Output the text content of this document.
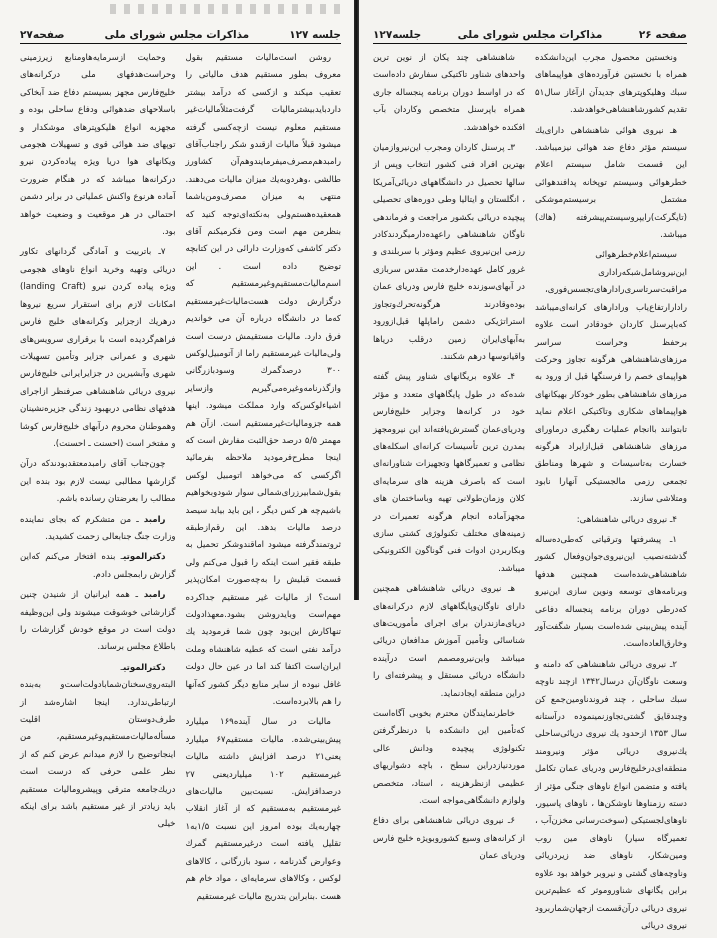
جلسه ۱۲۷
مذاکرات مجلس شورای ملی
صفحه۲۷

روشن است‌مالیات مستقیم بقول معروف بطور مستقیم هدف مالیاتی را تعقیب میکند و ازکسی که درآمد بیشتر داردبایدبیشترمالیات گرفت‌مثلاًمالیات‌غیر مستقیم معلوم نیست ازچه‌کسی گرفته میشود قبلاً مالیات ازقندو شکر راجناب‌آقای رامبدهم‌مصرف‌میفرمایندوهم‌آن کشاورز طالشی ،وهردوبه‌یك میزان مالیات می‌دهند. منتهی به میزان مصرف‌ومن‌باشما همعقیده‌هستم‌ولی به‌نکته‌ای‌توجه کنید که بنظرمن مهم است ومن فکرمیکنم آقای دکتر کاشفی که‌وزارت دارائی در این کتابچه توضیح داده است . این اسم‌مالیات‌مستقیم‌وغیرمستقیم که درگزارش دولت هست‌مالیات‌غیرمستقیم که‌ما در دانشگاه درباره آن می خواندیم فرق دارد. مالیات مستقیمش درست است ولی‌مالیات غیرمستقیم راما از آتومبیل‌لوکس ۳۰۰ درصدگمرك وسودبازرگانی وازگذرنامه‌وغیره‌می‌گیریم وازسایر اشیاءلوکس‌که وارد مملکت میشود. اینها همه جزومالیات‌غیرمستقیم است. ازآن هم مهمتر ۵/۵ درصد حق‌الثبت مفارش است که اینجا مطرح‌فرمودید ملاحظه بفرمائید اگرکسی که می‌خواهد اتومبیل لوکس بقول‌شمابیرزرای‌شمالی ‌سوار شود‌وبخواهیم باشیم‌چه هر کس دیگر ، این باید بیابد سیصد درصد مالیات بدهد. این رقم‌ازطبقه ثروتمندگرفته میشود اماقندوشکر تحمیل به طبقه فقیر است ‌اینکه‌ را قبول می‌کنم ولی قسمت قبلیش را به‌چه‌صورت امکان‌پذیر است؟ از مالیات غیر مستقیم جداکرده مهم‌است وبایدروشن بشود.معهذادولت تنهاکارش این‌بود چون شما فرمودید یك درآمد نفتی است که عطیه شاهنشاه وملت ایران‌است اکتفا کند اما در عین حال دولت غافل نبوده از سایر منابع دیگر کشور که‌آنها را هم بالابرده‌است.

مالیات در سال آینده۱۶۹ میلیارد پیش‌بینی‌شده. مالیات مستقیم۶۷ میلیارد یعنی۲۱ درصد افزایش داشته مالیات غیرمستقیم ۱۰۲ میلیاردیعنی ۲۷ درصدافزایش. نسبت‌بین مالیات‌های غیرمستقیم به‌مستقیم که از آغاز انقلاب چهاربه‌یك بوده امروز این نسبت ۱/۵به۱ تقلیل یافته است درغیرمستقیم گمرك وعوارض گذرنامه ، سود بازرگانی ، کالاهای لوکس ، وکالاهای سرمایه‌ای ، مواد خام هم هست .بنابراین بتدریج مالیات غیرمستقیم

وحمایت ازسرمایه‌هاومنابع زیرزمینی وحراست‌هدفهای ملی درکرانه‌های خلیج‌فارس مجهز بسیستم دفاع ضد آبخاکی باسلاحهای ضدهوائی ودفاع ساحلی بوده و مجهزبه انواع هلیکوپترهای موشکدار و توپهای ضد هوائی قوی و تسهیلات هجومی ویکانهای هوا دریا ویژه پیاده‌کردن نیرو درکرانه‌ها میباشد که در هنگام ضرورت آماده هرنوع واکنش عملیاتی در برابر دشمن احتمالی در هر موقعیت و وضعیت خواهد بود.

۷ـ باتربیت و آمادگی گردانهای تکاور دریائی وتهیه وخرید انواع ناوهای هجومی ویژه پیاده کردن نیرو (landing Craft) امکانات لازم برای استقرار سریع نیروها درهریك ازجزایر وکرانه‌های خلیج فارس فراهم‌گردیده است با برقراری سرویس‌های شهری و عمرانی جزایر وتأمین تسهیلات شهری وآبشیرین در جزایرایرانی خلیج‌فارس نیروی دریائی شاهنشاهی صرفنظر ازاجرای هدفهای نظامی دربهبود زندگی جزیره‌نشینان وهموطنان محروم درآبهای خلیج‌فارس کوشا و مفتخر است (احسنت ـ احسنت).

چون‌جناب آقای رامبدمعتقدبودندکه درآن گزارشها مطالبی نیست لازم بود بنده این مطالب را بعرضتان رسانده باشم.

رامبد ـ من متشکرم که بجای نماینده وزارت جنگ جنابعالی زحمت کشیدید.

دکترالموتیـ بنده افتخار می‌کنم که‌این گزارش رابمجلس دادم.

رامبد ـ همه ایرانیان از شنیدن چنین گزارشاتی خوشوقت میشوند ولی این‌وظیفه دولت است در موقع خودش گزارشات را باطلاع مجلس برساند.

دکترالموتیـ البته‌روی‌سخنان‌شمابادولت‌است‌و به‌بنده ارتباطی‌ندارد. اینجا اشاره‌شد از طرف‌دوستان اقلیت مسأله‌مالیات‌مستقیم‌وغیرمستقیم، من اینجاتوضیح را لازم میدانم عرض کنم که از نظر علمی حرفی که درست است دریك‌جامعه مترقی وپیشرومالیات مستقیم باید زیادتر از غیر مستقیم باشد برای اینکه خیلی

صفحه ۲۶
مذاکرات مجلس شورای ملی
جلسه۱۲۷

ونخستین محصول مجرب این‌دانشکده همراه با نخستین فرآورده‌های هواپیماهای سبك وهلیکوپترهای جدیدآن ازآغاز سال۵۱ تقدیم کشورشاهنشاهی‌خواهدشد.

ﻫـ نیروی هوائی شاهنشاهی دارای‌یك سیستم مؤثر دفاع ضد هوائی نیزمیباشد. این قسمت شامل سیستم اعلام خطرهوائی وسیستم توپخانه پدافندهوائی مشتمل برسیستم‌موشکی (تایگرکت)رایپروسیستم‌پیشرفته (هاك) میباشد.

سیستم‌اعلام‌خطرهوائی این‌نیروشامل‌شبکه‌راداری مراقبت‌سرتاسری‌رادارهای‌تجسس‌فوری، رادارارتفاع‌یاب ورادارهای کرانه‌ای‌میباشد که‌باپرسنل کاردان خودقادر است علاوه برحفظ وحراست سراسر مرزهای‌شاهنشاهی هرگونه تجاوز وحرکت هواپیمای خصم را فرسنگها قبل از ورود به مرزهای شاهنشاهی بطور خودکار بهیکانهای هواپیماهای شکاری وتاکتیکی اعلام نماید تابتوانند باانجام عملیات رهگیری درماورای مرزهای شاهنشاهی قبل‌ازایراد هرگونه خسارت به‌تاسیسات و شهرها ومناطق تجمعی رزمی مالجستیکی آنهارا نابود ومتلاشی سازند.

۴ـ نیروی دریائی شاهنشاهی:

۱ـ پیشرفتها وترقیاتی که‌طی‌ده‌ساله گذشته‌نصیب این‌نیروی‌جوان‌وفعال کشور شاهنشاهی‌شده‌است همچنین هدفها وبرنامه‌های توسعه ونوین سازی این‌نیرو که‌درطی دوران برنامه پنجساله دفاعی آینده پیش‌بینی شده‌است بسیار شگفت‌آور وخارق‌العاده‌است.

۲ـ نیروی دریائی شاهنشاهی که دامنه و وسعت ناوگان‌آن درسال۱۳۴۲ ازچند ناوچه سبك ساحلی ، چند فروندناومین‌جمع کن وچندقایق گشتی‌تجاوزنمینمود‌ه درآستانه سال ۱۳۵۳ ازحدود یك نیروی دریائی‌ساحلی یك‌نیروی دریائی مؤثر ونیرومند منطقه‌ای‌درخلیج‌فارس ودریای عمان تکامل یافته و متضمن انواع ناوهای جنگی مؤثر از دسته رزمناوها ناوشکن‌ها ، ناوهای پاسیور، ناوهای‌لجستیکی (سوخت‌رسانی مخزن‌آب ، تعمیرگاه سیار) ناوهای مین روب ومین‌شکار، ناوهای ضد زیردریائی وناوچه‌های گشتی و نیروبر خواهد بود علاوه براین یگانهای شناوروموثر که عظیم‌ترین نیروی دریائی درآن‌قسمت ازجهان‌شماربرود نیروی دریائی

شاهنشاهی چند یکان از نوین ترین واحدهای شناور تاکتیکی سفارش داده‌است که در اواسط دوران برنامه پنجساله جاری همراه باپرسنل متخصص وکاردان بآب افکنده خواهدشد.

۳ـ پرسنل کاردان ومجرب این‌نیروازمیان بهترین افراد فنی کشور انتخاب وپس از سالها تحصیل در دانشگاههای دریائی‌آمریکا ، انگلستان و ایتالیا وطی دوره‌های تحصیلی پیچیده دریائی بکشور مراجعت و فرماندهی ناوگان شاهنشاهی راعهده‌دارمیگردندکادر رزمی این‌نیروی عظیم ومؤثر با سربلندی و غرور کامل عهده‌دارخدمت مقدس سربازی در آبهای‌سوزنده خلیج فارس ودریای عمان بوده‌وقادرند هرگونه‌تحرك‌وتجاوز استراتژیکی دشمن راماپلها قبل‌ازورود به‌آبهای‌ایران زمین درقلب دریاها واقیانوسها درهم شکنند.

۴ـ علاوه بریگانهای شناور پیش گفته شده‌که در طول پایگاههای متعدد و مؤثر خود در کرانه‌ها وجزایر خلیج‌فارس ودریای‌عمان گسترش‌یافته‌اند این نیرومجهز بمدرن ترین تأسیسات کرانه‌ای اسکله‌های نظامی و تعمیرگاهها وتجهیزات شناورانه‌ای است که باصرف هزینه‌ های سرمایه‌ای کلان وزمان‌طولانی تهیه وباساختمان‌ های مجهزآماده انجام هرگونه تعمیرات در زمینه‌های مختلف تکنولوژی کشتی سازی وبکاربردن ادوات فنی گوناگون الکترونیکی میباشد.

ﻫـ نیروی دریائی شاهنشاهی همچنین دارای ناوگان‌وپایگاههای لازم درکرانه‌های دریای‌مازندران برای اجرای مأموریت‌های شناسائی وتأمین آموزش مدافعان دریائی میباشد واین‌نیرومصمم است درآینده دانشگاه دریائی مستقل و پیشرفته‌ای را دراین منطقه ایجادنماید.

خاطرنمایندگان محترم بخوبی آگاه‌است که‌تأمین این دانشکده با درنظرگرفتن تکنولوژی پیچیده ودانش عالی موردنیازدراین سطح ، باچه دشواریهای عظیمی ازنظرهزینه ، استاد، متخصص ولوازم دانشگاهی‌مواجه است.

۶ـ نیروی دریائی شاهنشاهی برای دفاع از کرانه‌های وسیع کشوروبویژه خلیج فارس ودریای عمان
